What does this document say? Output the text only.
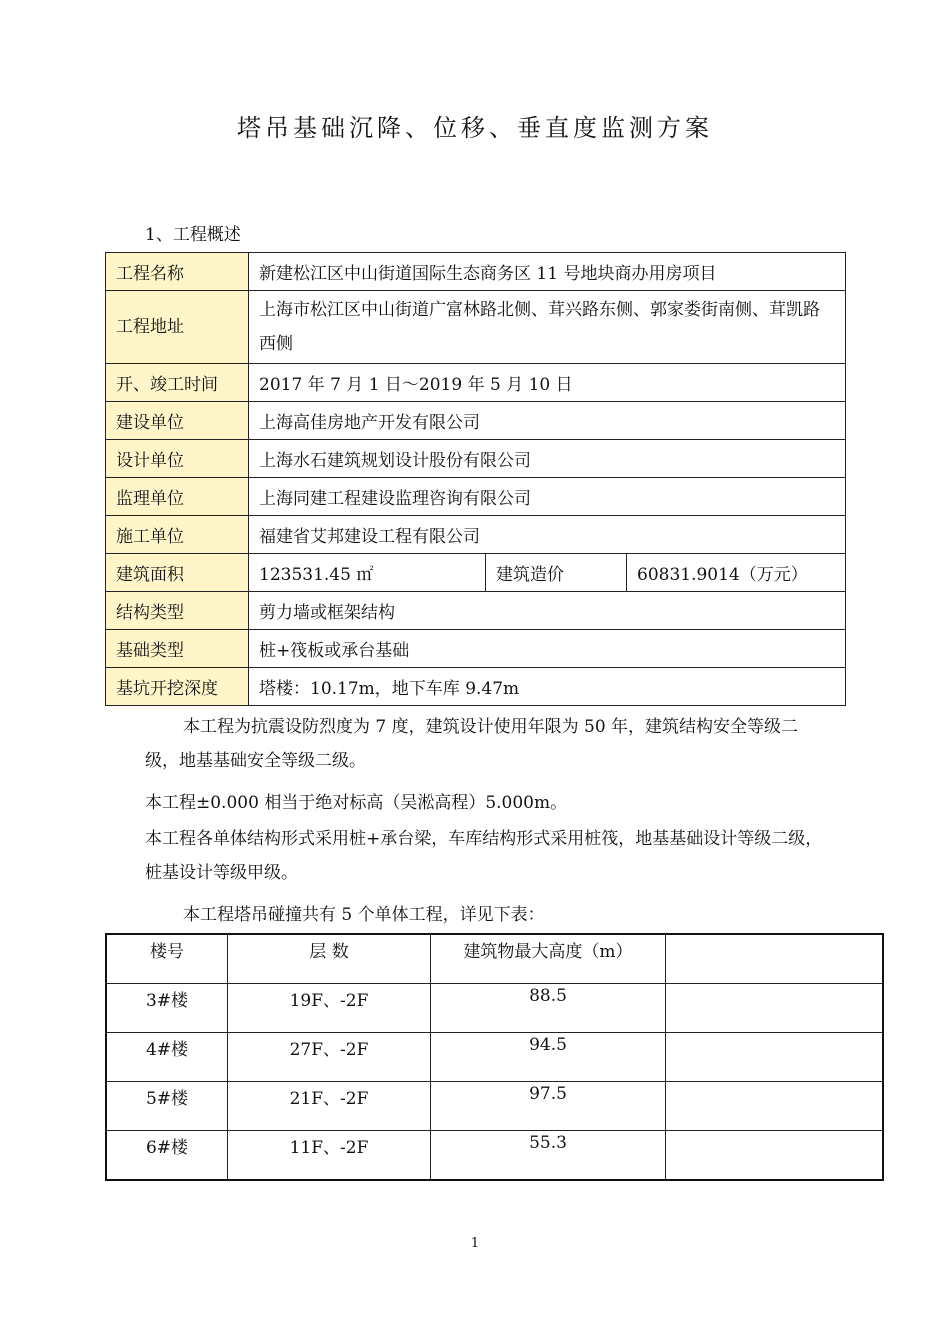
塔吊基础沉降、位移、垂直度监测方案
1、工程概述
工程名称	新建松江区中山街道国际生态商务区 11 号地块商办用房项目		
工程地址	上海市松江区中山街道广富林路北侧、茸兴路东侧、郭家娄街南侧、茸凯路西侧		
开、竣工时间	2017 年 7 月 1 日～2019 年 5 月 10 日		
建设单位	上海高佳房地产开发有限公司		
设计单位	上海水石建筑规划设计股份有限公司		
监理单位	上海同建工程建设监理咨询有限公司		
施工单位	福建省艾邦建设工程有限公司		
建筑面积	123531.45 ㎡	建筑造价	60831.9014（万元）
结构类型	剪力墙或框架结构		
基础类型	桩+筏板或承台基础		
基坑开挖深度	塔楼：10.17m，地下车库 9.47m		
本工程为抗震设防烈度为 7 度，建筑设计使用年限为 50 年，建筑结构安全等级二级，地基基础安全等级二级。
本工程±0.000 相当于绝对标高（吴淞高程）5.000m。
本工程各单体结构形式采用桩+承台梁，车库结构形式采用桩筏，地基基础设计等级二级，桩基设计等级甲级。
本工程塔吊碰撞共有 5 个单体工程，详见下表：
楼号	层 数	建筑物最大高度（m）	
3#楼	19F、-2F	88.5	
4#楼	27F、-2F	94.5	
5#楼	21F、-2F	97.5	
6#楼	11F、-2F	55.3	
1
